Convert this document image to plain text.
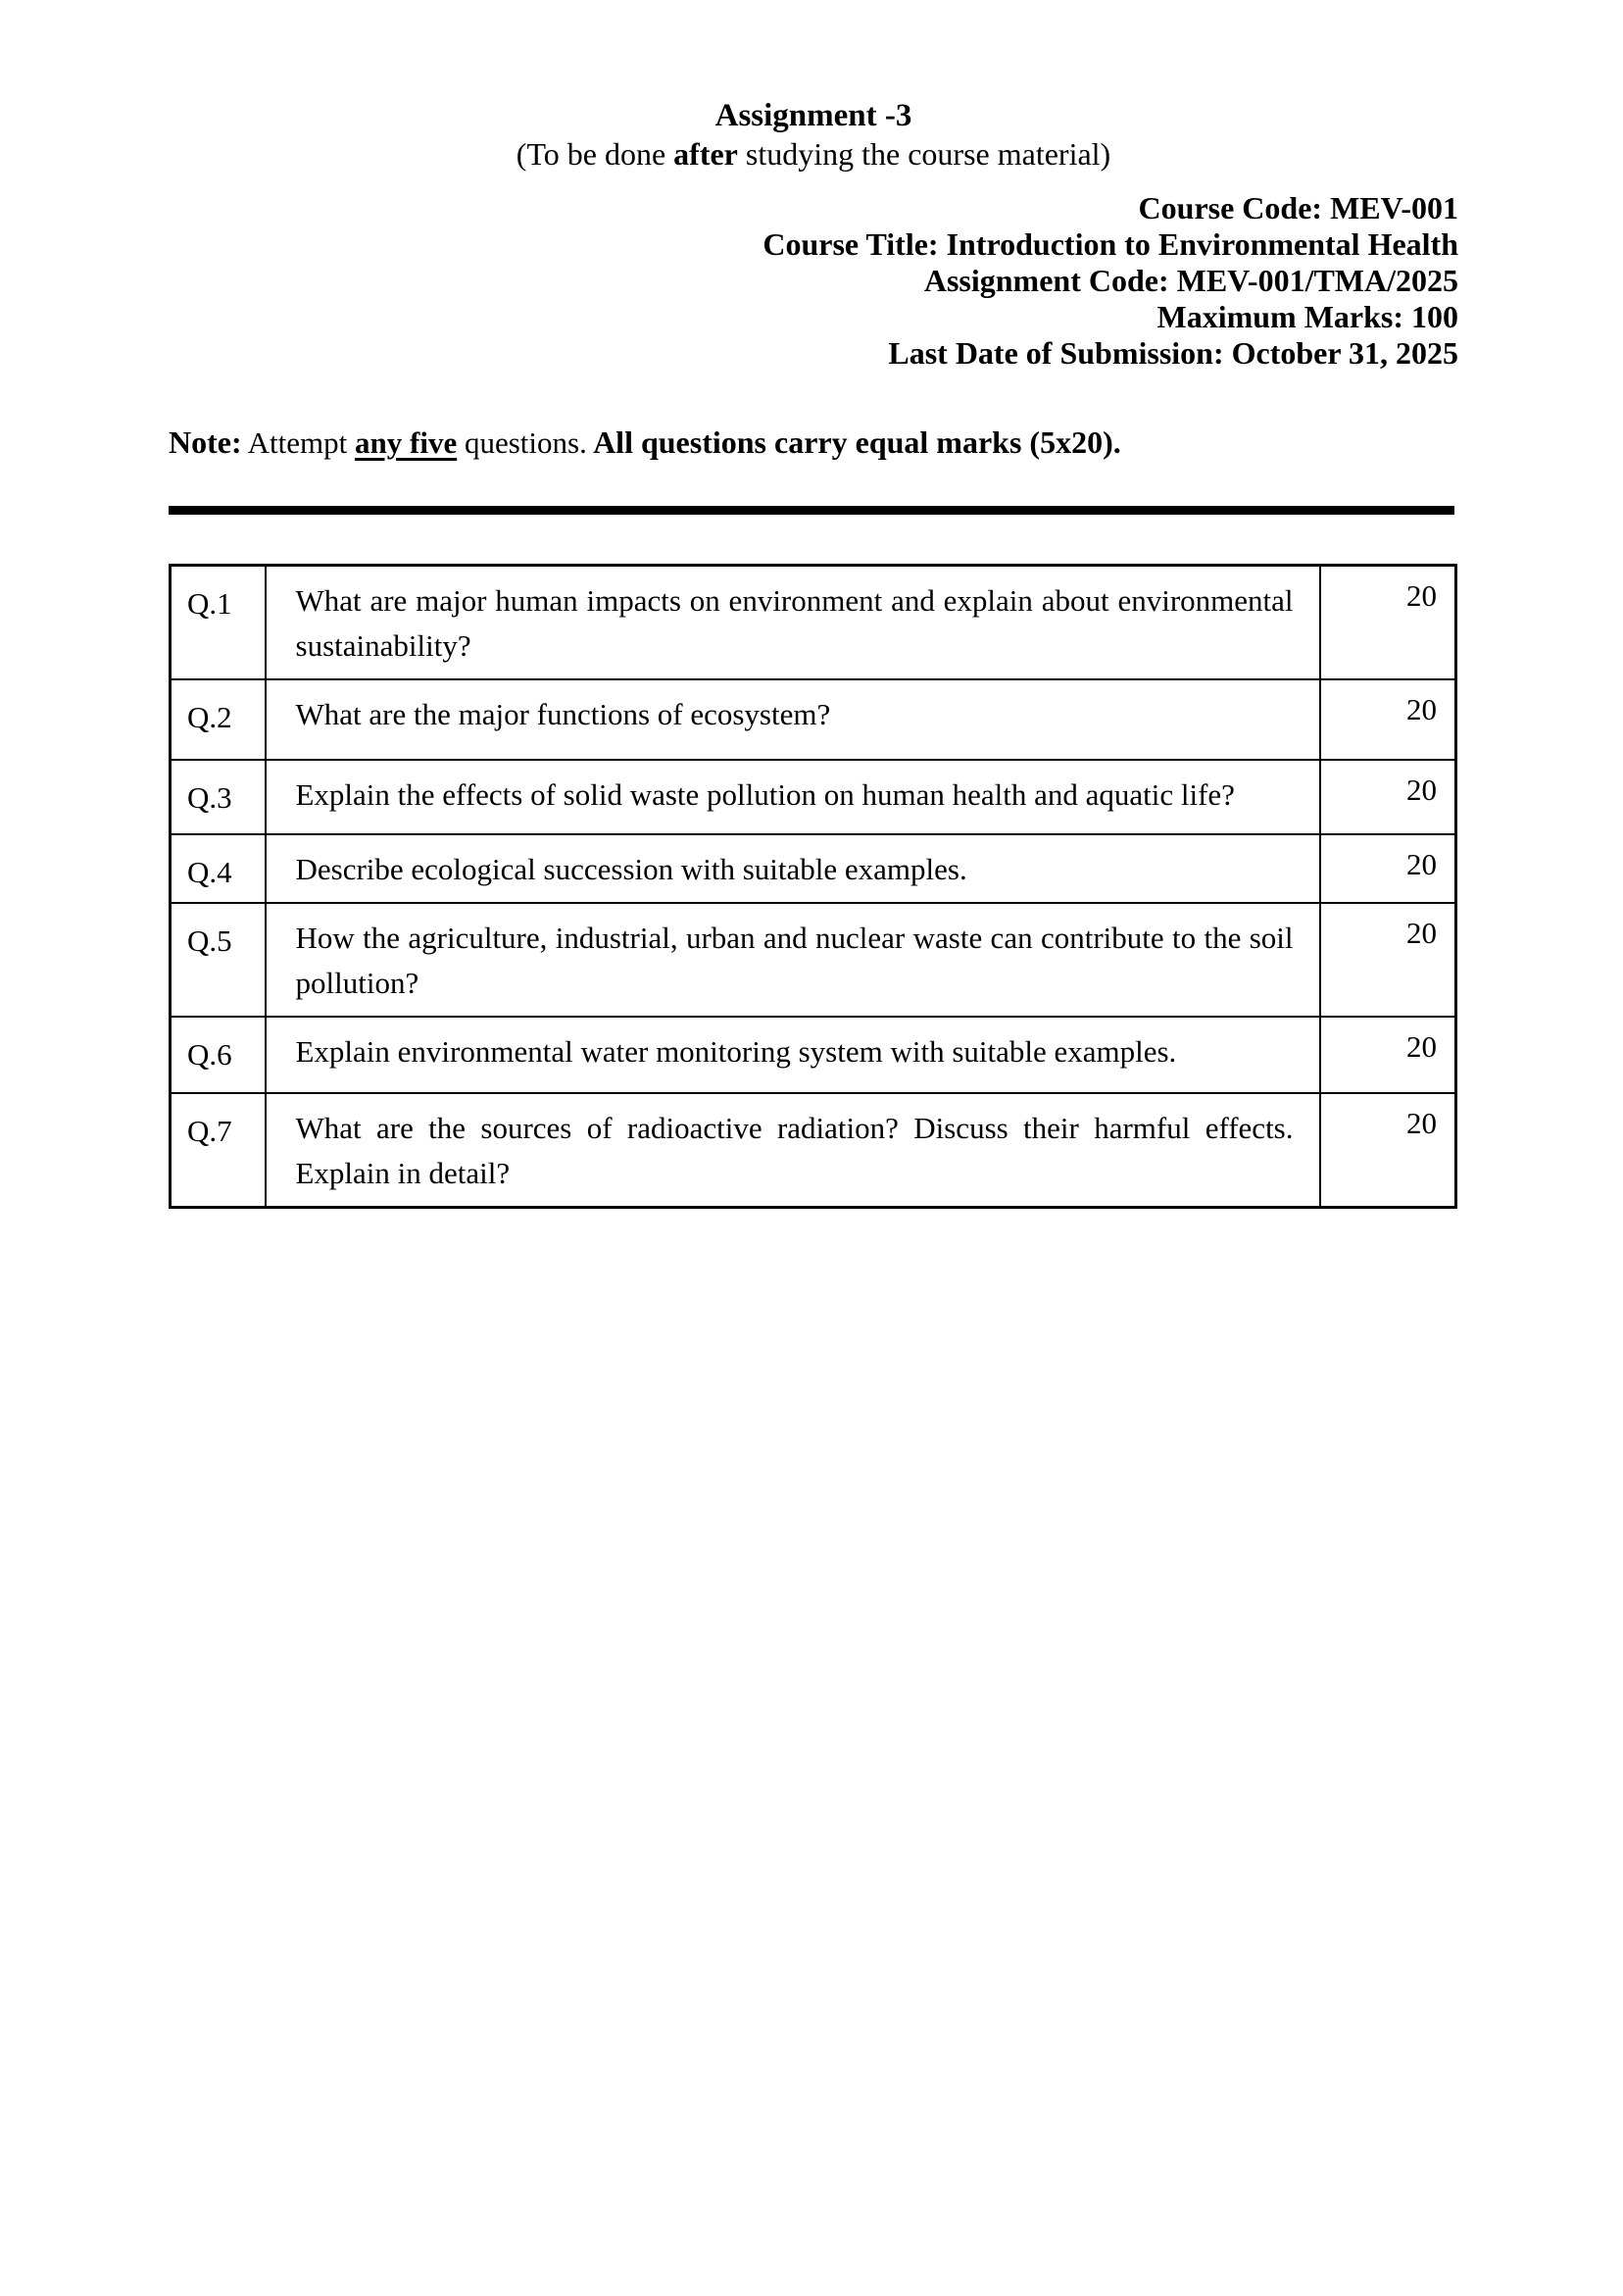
Assignment -3
(To be done after studying the course material)
Course Code: MEV-001
Course Title: Introduction to Environmental Health
Assignment Code: MEV-001/TMA/2025
Maximum Marks: 100
Last Date of Submission: October 31, 2025
Note: Attempt any five questions. All questions carry equal marks (5x20).
Q.1	What are major human impacts on environment and explain about environmental sustainability?	20
Q.2	What are the major functions of ecosystem?	20
Q.3	Explain the effects of solid waste pollution on human health and aquatic life?	20
Q.4	Describe ecological succession with suitable examples.	20
Q.5	How the agriculture, industrial, urban and nuclear waste can contribute to the soil pollution?	20
Q.6	Explain environmental water monitoring system with suitable examples.	20
Q.7	What are the sources of radioactive radiation? Discuss their harmful effects. Explain in detail?	20
